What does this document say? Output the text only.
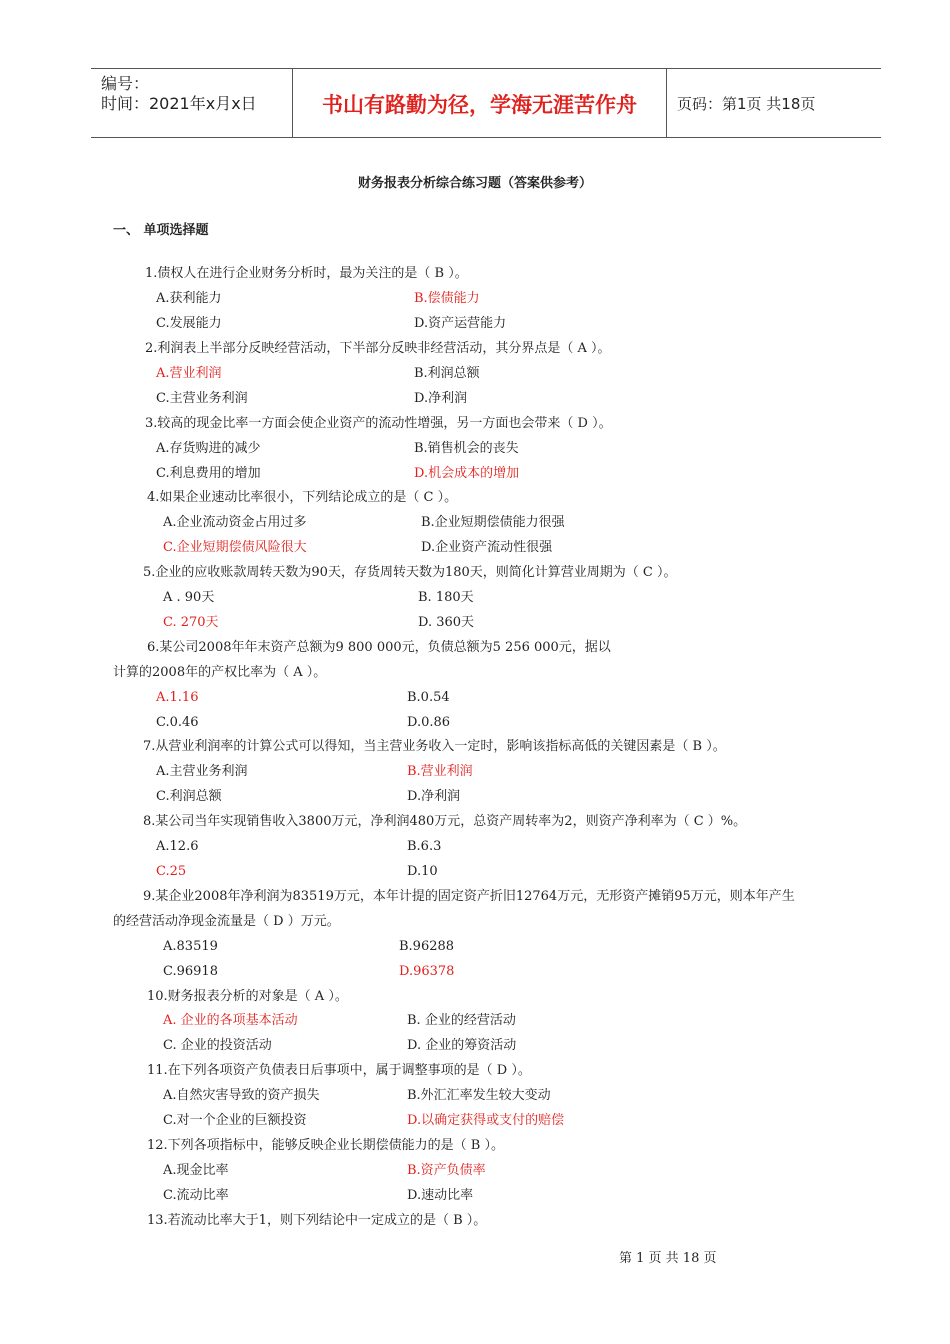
编号：
时间：2021年x月x日	书山有路勤为径，学海无涯苦作舟	页码：第1页 共18页
财务报表分析综合练习题（答案供参考）
一、 单项选择题
1.债权人在进行企业财务分析时，最为关注的是（ B ）。
A.获利能力	B.偿债能力
C.发展能力	D.资产运营能力
2.利润表上半部分反映经营活动，下半部分反映非经营活动，其分界点是（ A ）。
A.营业利润	B.利润总额
C.主营业务利润	D.净利润
3.较高的现金比率一方面会使企业资产的流动性增强，另一方面也会带来（ D ）。
A.存货购进的减少	B.销售机会的丧失
C.利息费用的增加	D.机会成本的增加
4.如果企业速动比率很小，下列结论成立的是（ C ）。
A.企业流动资金占用过多	B.企业短期偿债能力很强
C.企业短期偿债风险很大	D.企业资产流动性很强
5.企业的应收账款周转天数为90天，存货周转天数为180天，则简化计算营业周期为（ C ）。
A . 90天	B. 180天
C. 270天	D. 360天
6.某公司2008年年末资产总额为9 800 000元，负债总额为5 256 000元，据以
计算的2008年的产权比率为（ A ）。
A.1.16	B.0.54
C.0.46	D.0.86
7.从营业利润率的计算公式可以得知，当主营业务收入一定时，影响该指标高低的关键因素是（ B ）。
A.主营业务利润	B.营业利润
C.利润总额	D.净利润
8.某公司当年实现销售收入3800万元，净利润480万元，总资产周转率为2，则资产净利率为（ C ）%。
A.12.6	B.6.3
C.25	D.10
9.某企业2008年净利润为83519万元，本年计提的固定资产折旧12764万元，无形资产摊销95万元，则本年产生
的经营活动净现金流量是（ D ）万元。
A.83519	B.96288
C.96918	D.96378
10.财务报表分析的对象是（ A ）。
A. 企业的各项基本活动	B. 企业的经营活动
C. 企业的投资活动	D. 企业的筹资活动
11.在下列各项资产负债表日后事项中，属于调整事项的是（ D ）。
A.自然灾害导致的资产损失	B.外汇汇率发生较大变动
C.对一个企业的巨额投资	D.以确定获得或支付的赔偿
12.下列各项指标中，能够反映企业长期偿债能力的是（ B ）。
A.现金比率	B.资产负债率
C.流动比率	D.速动比率
13.若流动比率大于1，则下列结论中一定成立的是（ B ）。
第 1 页 共 18 页
